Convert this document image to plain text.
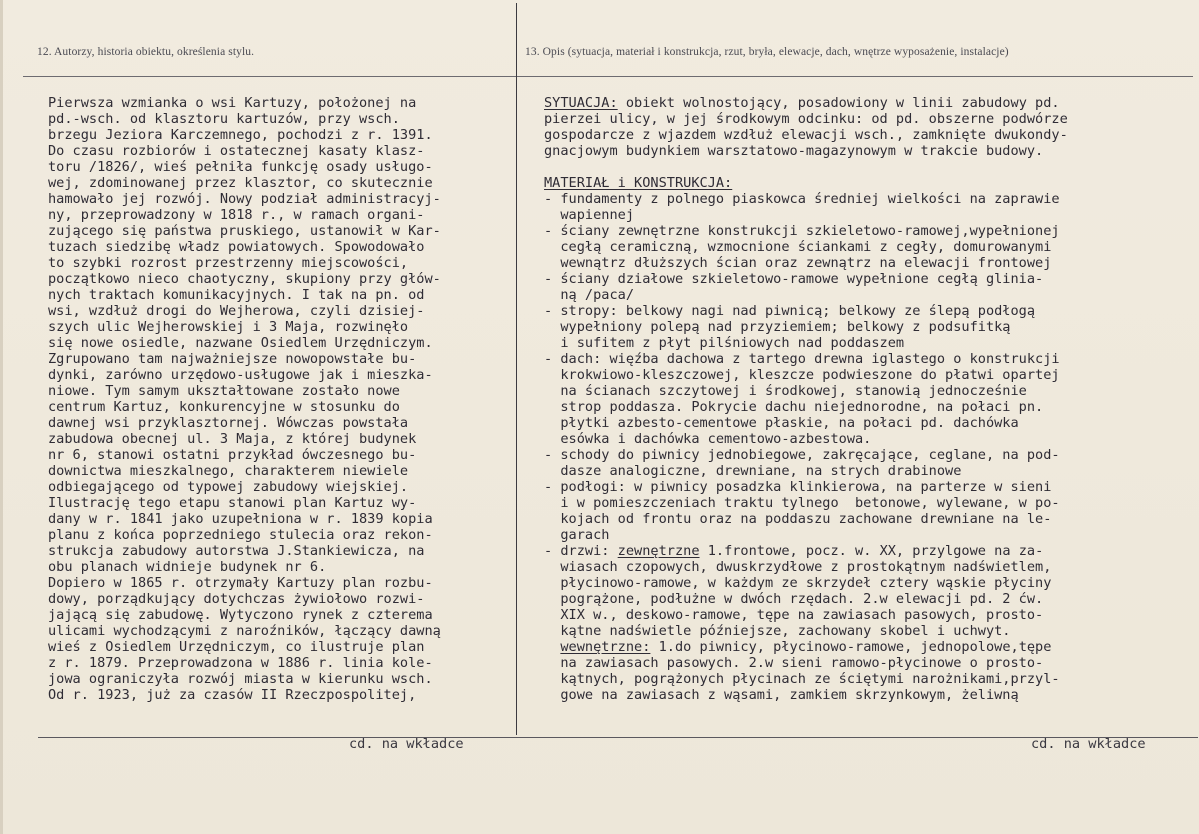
12. Autorzy, historia obiektu, określenia stylu.	13. Opis (sytuacja, materiał i konstrukcja, rzut, bryła, elewacje, dach, wnętrze wyposażenie, instalacje)
Pierwsza wzmianka o wsi Kartuzy, położonej na
pd.-wsch. od klasztoru kartuzów, przy wsch.
brzegu Jeziora Karczemnego, pochodzi z r. 1391.
Do czasu rozbiorów i ostatecznej kasaty klasz-
toru /1826/, wieś pełniła funkcję osady usługo-
wej, zdominowanej przez klasztor, co skutecznie
hamowało jej rozwój. Nowy podział administracyj-
ny, przeprowadzony w 1818 r., w ramach organi-
zującego się państwa pruskiego, ustanowił w Kar-
tuzach siedzibę władz powiatowych. Spowodowało
to szybki rozrost przestrzenny miejscowości,
początkowo nieco chaotyczny, skupiony przy głów-
nych traktach komunikacyjnych. I tak na pn. od
wsi, wzdłuż drogi do Wejherowa, czyli dzisiej-
szych ulic Wejherowskiej i 3 Maja, rozwinęło
się nowe osiedle, nazwane Osiedlem Urzędniczym.
Zgrupowano tam najważniejsze nowopowstałe bu-
dynki, zarówno urzędowo-usługowe jak i mieszka-
niowe. Tym samym ukształtowane zostało nowe
centrum Kartuz, konkurencyjne w stosunku do
dawnej wsi przyklasztornej. Wówczas powstała
zabudowa obecnej ul. 3 Maja, z której budynek
nr 6, stanowi ostatni przykład ówczesnego bu-
downictwa mieszkalnego, charakterem niewiele
odbiegającego od typowej zabudowy wiejskiej.
Ilustrację tego etapu stanowi plan Kartuz wy-
dany w r. 1841 jako uzupełniona w r. 1839 kopia
planu z końca poprzedniego stulecia oraz rekon-
strukcja zabudowy autorstwa J.Stankiewicza, na
obu planach widnieje budynek nr 6.
Dopiero w 1865 r. otrzymały Kartuzy plan rozbu-
dowy, porządkujący dotychczas żywiołowo rozwi-
jającą się zabudowę. Wytyczono rynek z czterema
ulicami wychodzącymi z naroźników, łączący dawną
wieś z Osiedlem Urzędniczym, co ilustruje plan
z r. 1879. Przeprowadzona w 1886 r. linia kole-
jowa ograniczyła rozwój miasta w kierunku wsch.
Od r. 1923, już za czasów II Rzeczpospolitej,
SYTUACJA: obiekt wolnostojący, posadowiony w linii zabudowy pd.
pierzei ulicy, w jej środkowym odcinku: od pd. obszerne podwórze
gospodarcze z wjazdem wzdłuż elewacji wsch., zamknięte dwukondy-
gnacjowym budynkiem warsztatowo-magazynowym w trakcie budowy.
MATERIAŁ i KONSTRUKCJA:
- fundamenty z polnego piaskowca średniej wielkości na zaprawie
wapiennej
- ściany zewnętrzne konstrukcji szkieletowo-ramowej,wypełnionej
cegłą ceramiczną, wzmocnione ściankami z cegły, domurowanymi
wewnątrz dłuższych ścian oraz zewnątrz na elewacji frontowej
- ściany działowe szkieletowo-ramowe wypełnione cegłą glinia-
ną /paca/
- stropy: belkowy nagi nad piwnicą; belkowy ze ślepą podłogą
wypełniony polepą nad przyziemiem; belkowy z podsufitką
i sufitem z płyt pilśniowych nad poddaszem
- dach: więźba dachowa z tartego drewna iglastego o konstrukcji
krokwiowo-kleszczowej, kleszcze podwieszone do płatwi opartej
na ścianach szczytowej i środkowej, stanowią jednocześnie
strop poddasza. Pokrycie dachu niejednorodne, na połaci pn.
płytki azbesto-cementowe płaskie, na połaci pd. dachówka
esówka i dachówka cementowo-azbestowa.
- schody do piwnicy jednobiegowe, zakręcające, ceglane, na pod-
dasze analogiczne, drewniane, na strych drabinowe
- podłogi: w piwnicy posadzka klinkierowa, na parterze w sieni
i w pomieszczeniach traktu tylnego  betonowe, wylewane, w po-
kojach od frontu oraz na poddaszu zachowane drewniane na le-
garach
- drzwi: zewnętrzne 1.frontowe, pocz. w. XX, przylgowe na za-
wiasach czopowych, dwuskrzydłowe z prostokątnym nadświetlem,
płycinowo-ramowe, w każdym ze skrzydeł cztery wąskie płyciny
pogrążone, podłużne w dwóch rzędach. 2.w elewacji pd. 2 ćw.
XIX w., deskowo-ramowe, tępe na zawiasach pasowych, prosto-
kątne nadświetle późniejsze, zachowany skobel i uchwyt.
wewnętrzne: 1.do piwnicy, płycinowo-ramowe, jednopolowe,tępe
na zawiasach pasowych. 2.w sieni ramowo-płycinowe o prosto-
kątnych, pogrążonych płycinach ze ściętymi narożnikami,przyl-
gowe na zawiasach z wąsami, zamkiem skrzynkowym, żeliwną
cd. na wkładce	cd. na wkładce
